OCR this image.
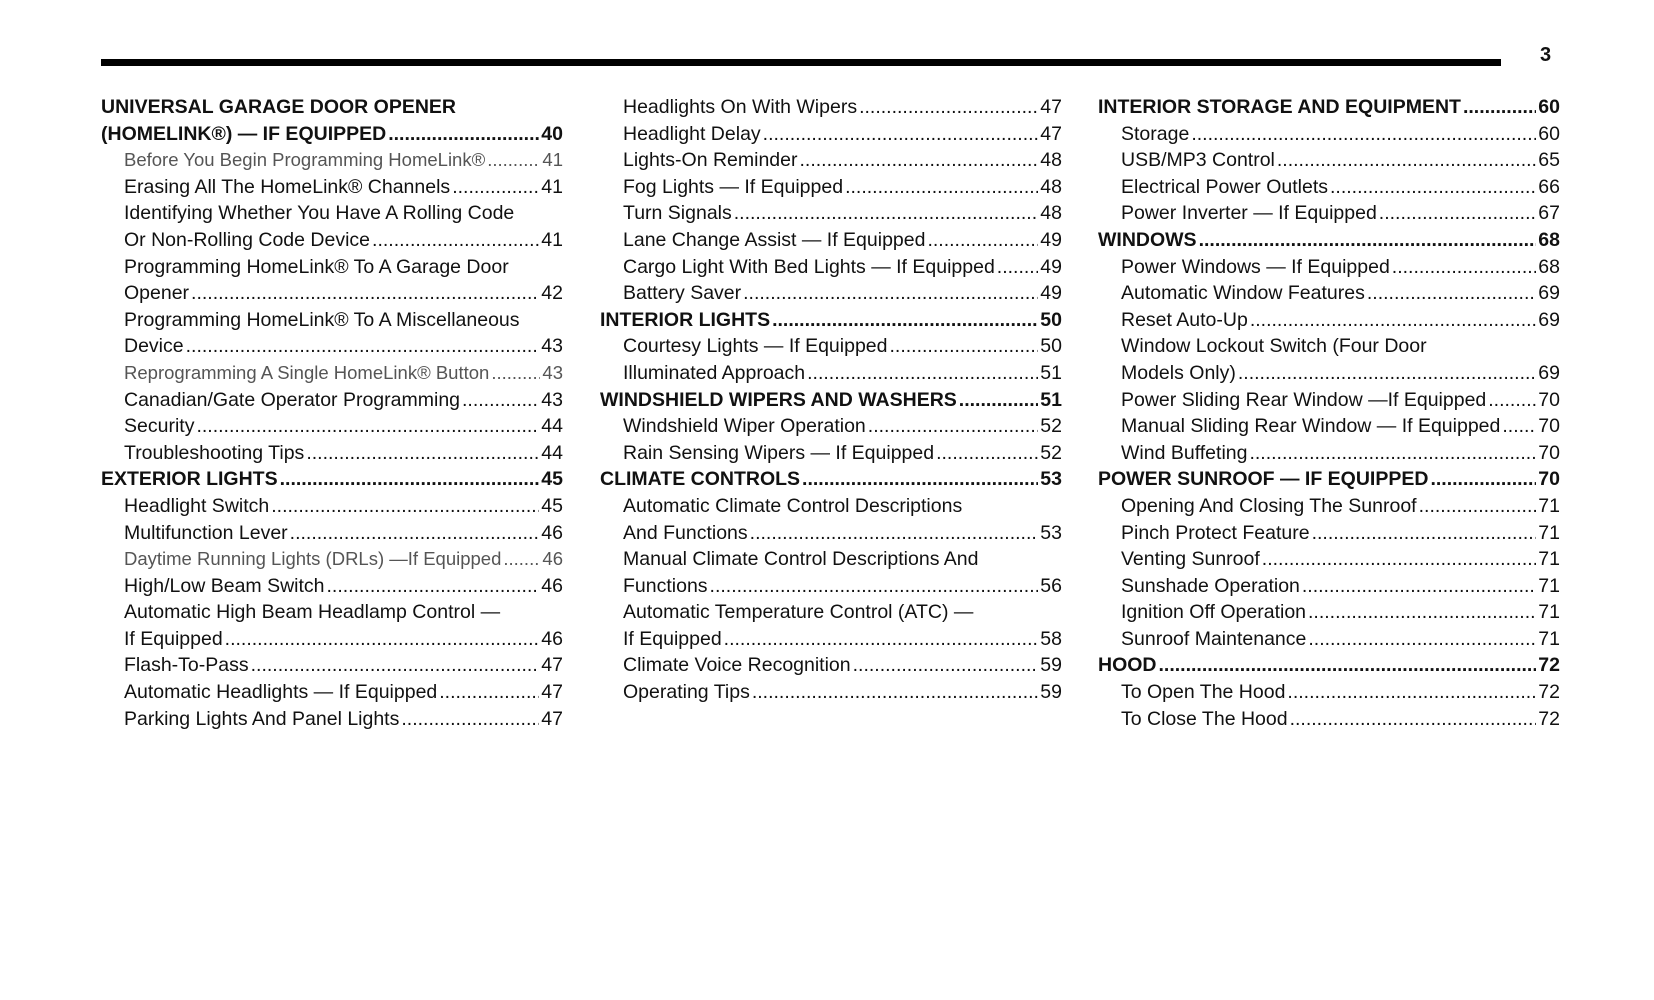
3
UNIVERSAL GARAGE DOOR OPENER
(HOMELINK®) — IF EQUIPPED .....	40
Before You Begin Programming HomeLink® .....	41
Erasing All The HomeLink® Channels .....	41
Identifying Whether You Have A Rolling Code
Or Non-Rolling Code Device .....	41
Programming HomeLink® To A Garage Door
Opener .....	42
Programming HomeLink® To A Miscellaneous
Device .....	43
Reprogramming A Single HomeLink® Button .....	43
Canadian/Gate Operator Programming .....	43
Security .....	44
Troubleshooting Tips .....	44
EXTERIOR LIGHTS .....	45
Headlight Switch .....	45
Multifunction Lever .....	46
Daytime Running Lights (DRLs) —If Equipped ..... 46
High/Low Beam Switch .....	46
Automatic High Beam Headlamp Control —
If Equipped .....	46
Flash-To-Pass .....	47
Automatic Headlights — If Equipped .....	47
Parking Lights And Panel Lights .....	47
Headlights On With Wipers .....	47
Headlight Delay .....	47
Lights-On Reminder .....	48
Fog Lights — If Equipped .....	48
Turn Signals .....	48
Lane Change Assist — If Equipped .....	49
Cargo Light With Bed Lights — If Equipped ..... 49
Battery Saver .....	49
INTERIOR LIGHTS .....	50
Courtesy Lights — If Equipped .....	50
Illuminated Approach .....	51
WINDSHIELD WIPERS AND WASHERS .....	51
Windshield Wiper Operation .....	52
Rain Sensing Wipers — If Equipped .....	52
CLIMATE CONTROLS .....	53
Automatic Climate Control Descriptions
And Functions .....	53
Manual Climate Control Descriptions And
Functions .....	56
Automatic Temperature Control (ATC) —
If Equipped .....	58
Climate Voice Recognition .....	59
Operating Tips .....	59
INTERIOR STORAGE AND EQUIPMENT .....	60
Storage .....	60
USB/MP3 Control .....	65
Electrical Power Outlets .....	66
Power Inverter — If Equipped .....	67
WINDOWS .....	68
Power Windows — If Equipped .....	68
Automatic Window Features .....	69
Reset Auto-Up .....	69
Window Lockout Switch (Four Door
Models Only) .....	69
Power Sliding Rear Window —If Equipped .....	70
Manual Sliding Rear Window — If Equipped ..... 70
Wind Buffeting .....	70
POWER SUNROOF — IF EQUIPPED .....	70
Opening And Closing The Sunroof .....	71
Pinch Protect Feature .....	71
Venting Sunroof .....	71
Sunshade Operation .....	71
Ignition Off Operation .....	71
Sunroof Maintenance .....	71
HOOD .....	72
To Open The Hood .....	72
To Close The Hood .....	72
